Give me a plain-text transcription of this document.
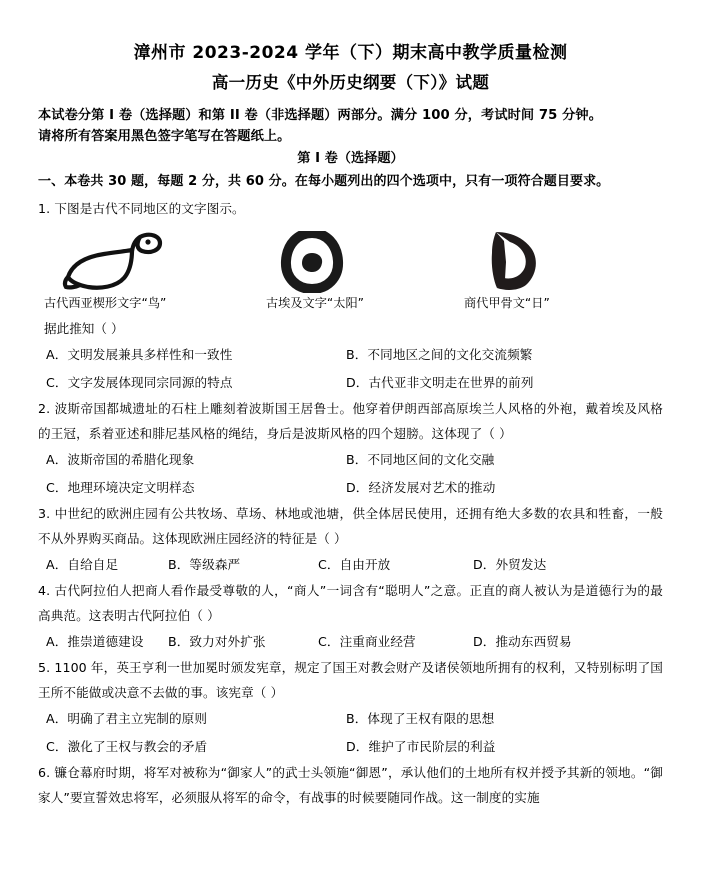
漳州市 2023-2024 学年（下）期末高中教学质量检测
高一历史《中外历史纲要（下）》试题
本试卷分第 I 卷（选择题）和第 II 卷（非选择题）两部分。满分 100 分，考试时间 75 分钟。
请将所有答案用黑色签字笔写在答题纸上。
第 I 卷（选择题）
一、本卷共 30 题，每题 2 分，共 60 分。在每小题列出的四个选项中，只有一项符合题目要求。
1. 下图是古代不同地区的文字图示。
古代西亚楔形文字“鸟”	古埃及文字“太阳”	商代甲骨文“日”
据此推知（ ）
A．文明发展兼具多样性和一致性	B．不同地区之间的文化交流频繁
C．文字发展体现同宗同源的特点	D．古代亚非文明走在世界的前列
2. 波斯帝国都城遗址的石柱上雕刻着波斯国王居鲁士。他穿着伊朗西部高原埃兰人风格的外袍，戴着埃及风格的王冠，系着亚述和腓尼基风格的绳结，身后是波斯风格的四个翅膀。这体现了（ ）
A．波斯帝国的希腊化现象	B．不同地区间的文化交融
C．地理环境决定文明样态	D．经济发展对艺术的推动
3. 中世纪的欧洲庄园有公共牧场、草场、林地或池塘，供全体居民使用，还拥有绝大多数的农具和牲畜，一般不从外界购买商品。这体现欧洲庄园经济的特征是（ ）
A．自给自足	B．等级森严	C．自由开放	D．外贸发达
4. 古代阿拉伯人把商人看作最受尊敬的人，“商人”一词含有“聪明人”之意。正直的商人被认为是道德行为的最高典范。这表明古代阿拉伯（ ）
A．推崇道德建设	B．致力对外扩张	C．注重商业经营	D．推动东西贸易
5. 1100 年，英王亨利一世加冕时颁发宪章，规定了国王对教会财产及诸侯领地所拥有的权利，又特别标明了国王所不能做或决意不去做的事。该宪章（ ）
A．明确了君主立宪制的原则	B．体现了王权有限的思想
C．激化了王权与教会的矛盾	D．维护了市民阶层的利益
6. 镰仓幕府时期，将军对被称为“御家人”的武士头领施“御恩”，承认他们的土地所有权并授予其新的领地。“御家人”要宣誓效忠将军，必须服从将军的命令，有战事的时候要随同作战。这一制度的实施
